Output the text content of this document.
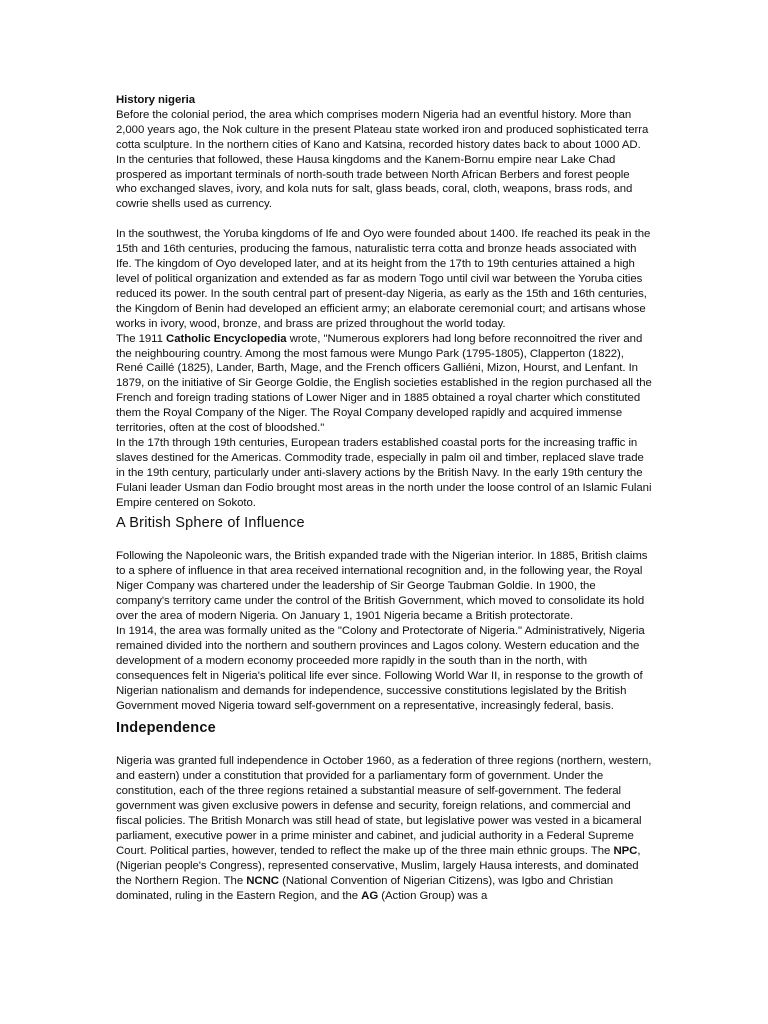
History nigeria

Before the colonial period, the area which comprises modern Nigeria had an eventful history. More than 2,000 years ago, the Nok culture in the present Plateau state worked iron and produced sophisticated terra cotta sculpture. In the northern cities of Kano and Katsina, recorded history dates back to about 1000 AD. In the centuries that followed, these Hausa kingdoms and the Kanem-Bornu empire near Lake Chad prospered as important terminals of north-south trade between North African Berbers and forest people who exchanged slaves, ivory, and kola nuts for salt, glass beads, coral, cloth, weapons, brass rods, and cowrie shells used as currency.

In the southwest, the Yoruba kingdoms of Ife and Oyo were founded about 1400. Ife reached its peak in the 15th and 16th centuries, producing the famous, naturalistic terra cotta and bronze heads associated with Ife. The kingdom of Oyo developed later, and at its height from the 17th to 19th centuries attained a high level of political organization and extended as far as modern Togo until civil war between the Yoruba cities reduced its power. In the south central part of present-day Nigeria, as early as the 15th and 16th centuries, the Kingdom of Benin had developed an efficient army; an elaborate ceremonial court; and artisans whose works in ivory, wood, bronze, and brass are prized throughout the world today.

The 1911 Catholic Encyclopedia wrote, "Numerous explorers had long before reconnoitred the river and the neighbouring country. Among the most famous were Mungo Park (1795-1805), Clapperton (1822), René Caillé (1825), Lander, Barth, Mage, and the French officers Galliéni, Mizon, Hourst, and Lenfant. In 1879, on the initiative of Sir George Goldie, the English societies established in the region purchased all the French and foreign trading stations of Lower Niger and in 1885 obtained a royal charter which constituted them the Royal Company of the Niger. The Royal Company developed rapidly and acquired immense territories, often at the cost of bloodshed."

In the 17th through 19th centuries, European traders established coastal ports for the increasing traffic in slaves destined for the Americas. Commodity trade, especially in palm oil and timber, replaced slave trade in the 19th century, particularly under anti-slavery actions by the British Navy. In the early 19th century the Fulani leader Usman dan Fodio brought most areas in the north under the loose control of an Islamic Fulani Empire centered on Sokoto.

A British Sphere of Influence

Following the Napoleonic wars, the British expanded trade with the Nigerian interior. In 1885, British claims to a sphere of influence in that area received international recognition and, in the following year, the Royal Niger Company was chartered under the leadership of Sir George Taubman Goldie. In 1900, the company's territory came under the control of the British Government, which moved to consolidate its hold over the area of modern Nigeria. On January 1, 1901 Nigeria became a British protectorate.

In 1914, the area was formally united as the "Colony and Protectorate of Nigeria." Administratively, Nigeria remained divided into the northern and southern provinces and Lagos colony. Western education and the development of a modern economy proceeded more rapidly in the south than in the north, with consequences felt in Nigeria's political life ever since. Following World War II, in response to the growth of Nigerian nationalism and demands for independence, successive constitutions legislated by the British Government moved Nigeria toward self-government on a representative, increasingly federal, basis.

Independence

Nigeria was granted full independence in October 1960, as a federation of three regions (northern, western, and eastern) under a constitution that provided for a parliamentary form of government. Under the constitution, each of the three regions retained a substantial measure of self-government. The federal government was given exclusive powers in defense and security, foreign relations, and commercial and fiscal policies. The British Monarch was still head of state, but legislative power was vested in a bicameral parliament, executive power in a prime minister and cabinet, and judicial authority in a Federal Supreme Court. Political parties, however, tended to reflect the make up of the three main ethnic groups. The NPC, (Nigerian people's Congress), represented conservative, Muslim, largely Hausa interests, and dominated the Northern Region. The NCNC (National Convention of Nigerian Citizens), was Igbo and Christian dominated, ruling in the Eastern Region, and the AG (Action Group) was a
